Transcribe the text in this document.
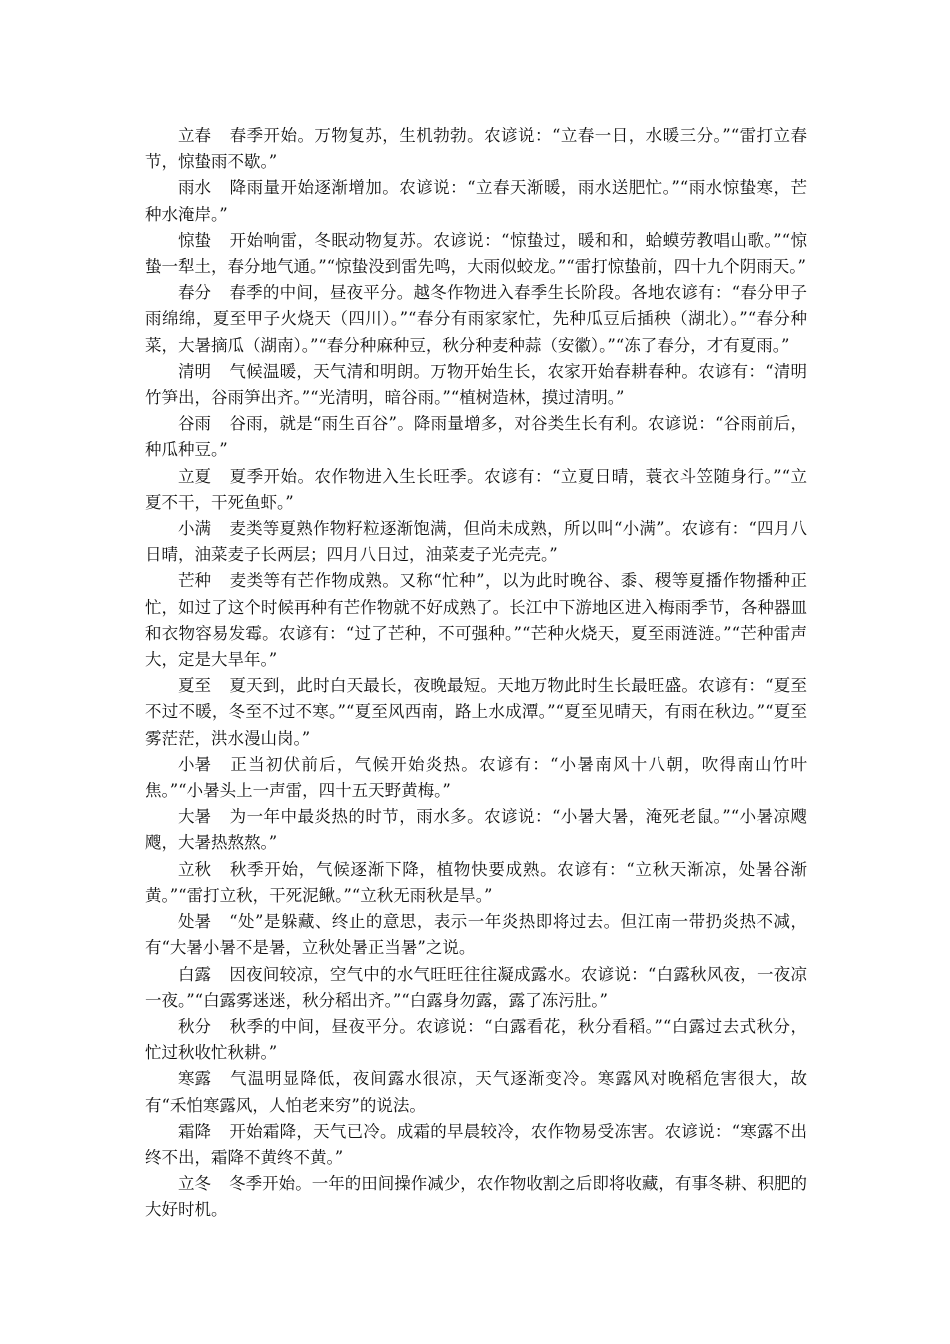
立春 春季开始。万物复苏，生机勃勃。农谚说：“立春一日，水暖三分。”“雷打立春节，惊蛰雨不歇。”

雨水 降雨量开始逐渐增加。农谚说：“立春天渐暖，雨水送肥忙。”“雨水惊蛰寒，芒种水淹岸。”

惊蛰 开始响雷，冬眠动物复苏。农谚说：“惊蛰过，暖和和，蛤蟆劳教唱山歌。”“惊蛰一犁土，春分地气通。”“惊蛰没到雷先鸣，大雨似蛟龙。”“雷打惊蛰前，四十九个阴雨天。”

春分 春季的中间，昼夜平分。越冬作物进入春季生长阶段。各地农谚有：“春分甲子雨绵绵，夏至甲子火烧天（四川）。”“春分有雨家家忙，先种瓜豆后插秧（湖北）。”“春分种菜，大暑摘瓜（湖南）。”“春分种麻种豆，秋分种麦种蒜（安徽）。”“冻了春分，才有夏雨。”

清明 气候温暖，天气清和明朗。万物开始生长，农家开始春耕春种。农谚有：“清明竹笋出，谷雨笋出齐。”“光清明，暗谷雨。”“植树造林，摸过清明。”

谷雨 谷雨，就是“雨生百谷”。降雨量增多，对谷类生长有利。农谚说：“谷雨前后，种瓜种豆。”

立夏 夏季开始。农作物进入生长旺季。农谚有：“立夏日晴，蓑衣斗笠随身行。”“立夏不干，干死鱼虾。”

小满 麦类等夏熟作物籽粒逐渐饱满，但尚未成熟，所以叫“小满”。农谚有：“四月八日晴，油菜麦子长两层；四月八日过，油菜麦子光壳壳。”

芒种 麦类等有芒作物成熟。又称“忙种”，以为此时晚谷、黍、稷等夏播作物播种正忙，如过了这个时候再种有芒作物就不好成熟了。长江中下游地区进入梅雨季节，各种器皿和衣物容易发霉。农谚有：“过了芒种，不可强种。”“芒种火烧天，夏至雨涟涟。”“芒种雷声大，定是大旱年。”

夏至 夏天到，此时白天最长，夜晚最短。天地万物此时生长最旺盛。农谚有：“夏至不过不暖，冬至不过不寒。”“夏至风西南，路上水成潭。”“夏至见晴天，有雨在秋边。”“夏至雾茫茫，洪水漫山岗。”

小暑 正当初伏前后，气候开始炎热。农谚有：“小暑南风十八朝，吹得南山竹叶焦。”“小暑头上一声雷，四十五天野黄梅。”

大暑 为一年中最炎热的时节，雨水多。农谚说：“小暑大暑，淹死老鼠。”“小暑凉飕飕，大暑热熬熬。”

立秋 秋季开始，气候逐渐下降，植物快要成熟。农谚有：“立秋天渐凉，处暑谷渐黄。”“雷打立秋，干死泥鳅。”“立秋无雨秋是旱。”

处暑 “处”是躲藏、终止的意思，表示一年炎热即将过去。但江南一带扔炎热不减，有“大暑小暑不是暑，立秋处暑正当暑”之说。

白露 因夜间较凉，空气中的水气旺旺往往凝成露水。农谚说：“白露秋风夜，一夜凉一夜。”“白露雾迷迷，秋分稻出齐。”“白露身勿露，露了冻污肚。”

秋分 秋季的中间，昼夜平分。农谚说：“白露看花，秋分看稻。”“白露过去式秋分，忙过秋收忙秋耕。”

寒露 气温明显降低，夜间露水很凉，天气逐渐变冷。寒露风对晚稻危害很大，故有“禾怕寒露风，人怕老来穷”的说法。

霜降 开始霜降，天气已冷。成霜的早晨较冷，农作物易受冻害。农谚说：“寒露不出终不出，霜降不黄终不黄。”

立冬 冬季开始。一年的田间操作减少，农作物收割之后即将收藏，有事冬耕、积肥的大好时机。
